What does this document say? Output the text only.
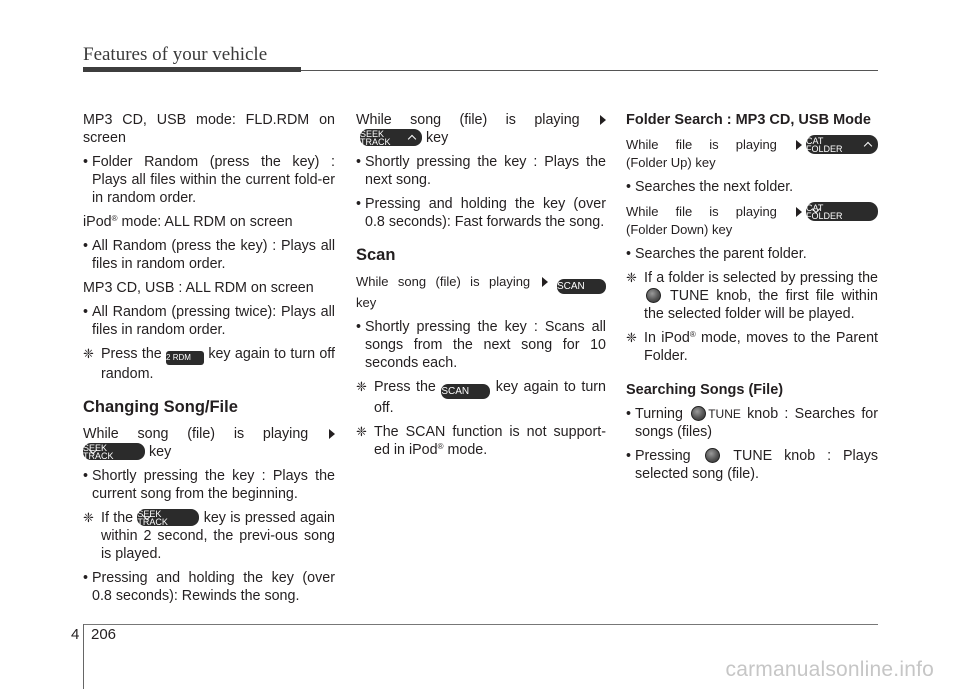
Features of your vehicle

MP3 CD, USB mode: FLD.RDM on screen

• Folder Random (press the key) : Plays all files within the current fold-er in random order.

iPod® mode: ALL RDM on screen

• All Random (press the key) : Plays all files in random order.

MP3 CD, USB : ALL RDM on screen

• All Random (pressing twice): Plays all files in random order.

❈ Press the 2 RDM key again to turn off random.

Changing Song/File

While song (file) is playing

SEEK
TRACK	key

• Shortly pressing the key : Plays the current song from the beginning.

❈ If the SEEK
TRACK	key is pressed again within 2 second, the previ-ous song is played.

• Pressing and holding the key (over 0.8 seconds): Rewinds the song.

While song (file) is playing

SEEK
TRACK	key

• Shortly pressing the key : Plays the next song.

• Pressing and holding the key (over 0.8 seconds): Fast forwards the song.

Scan

While song (file) is playing	SCAN

key

• Shortly pressing the key : Scans all songs from the next song for 10 seconds each.

❈ Press the SCAN key again to turn off.

❈ The SCAN function is not support-ed in iPod® mode.

Folder Search : MP3 CD, USB Mode

While file is playing	CAT
FOLDER

(Folder Up) key

• Searches the next folder.

While file is playing	CAT
FOLDER

(Folder Down) key

• Searches the parent folder.

❈ If a folder is selected by pressing the  TUNE knob, the first file within the selected folder will be played.

❈ In iPod® mode, moves to the Parent Folder.

Searching Songs (File)

• Turning TUNE knob : Searches for songs (files)

• Pressing  TUNE knob : Plays selected song (file).

4 206
carmanualsonline.info
